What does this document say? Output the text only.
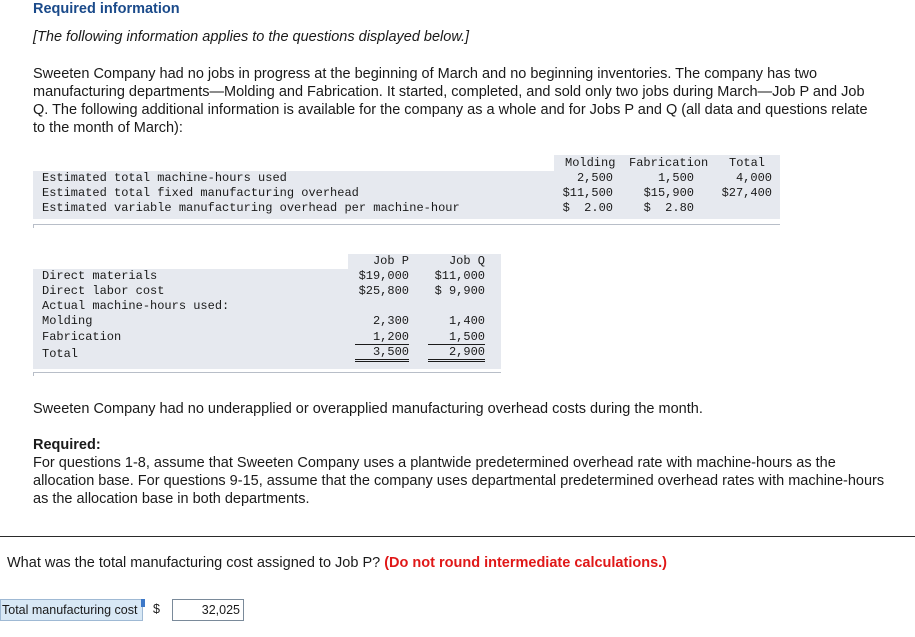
Required information
[The following information applies to the questions displayed below.]
Sweeten Company had no jobs in progress at the beginning of March and no beginning inventories. The company has two manufacturing departments—Molding and Fabrication. It started, completed, and sold only two jobs during March—Job P and Job Q. The following additional information is available for the company as a whole and for Jobs P and Q (all data and questions relate to the month of March):
Molding Fabrication Total
Estimated total machine-hours used	2,500	1,500	4,000
Estimated total fixed manufacturing overhead	$11,500	$15,900	$27,400
Estimated variable manufacturing overhead per machine-hour	$  2.00	$  2.80
Job P	Job Q
Direct materials	$19,000	$11,000
Direct labor cost	$25,800	$ 9,900
Actual machine-hours used:
Molding	2,300	1,400
Fabrication	1,200	1,500
Total	3,500	2,900
Sweeten Company had no underapplied or overapplied manufacturing overhead costs during the month.
Required:
For questions 1-8, assume that Sweeten Company uses a plantwide predetermined overhead rate with machine-hours as the allocation base. For questions 9-15, assume that the company uses departmental predetermined overhead rates with machine-hours as the allocation base in both departments.
What was the total manufacturing cost assigned to Job P? (Do not round intermediate calculations.)
Total manufacturing cost	$
32,025
